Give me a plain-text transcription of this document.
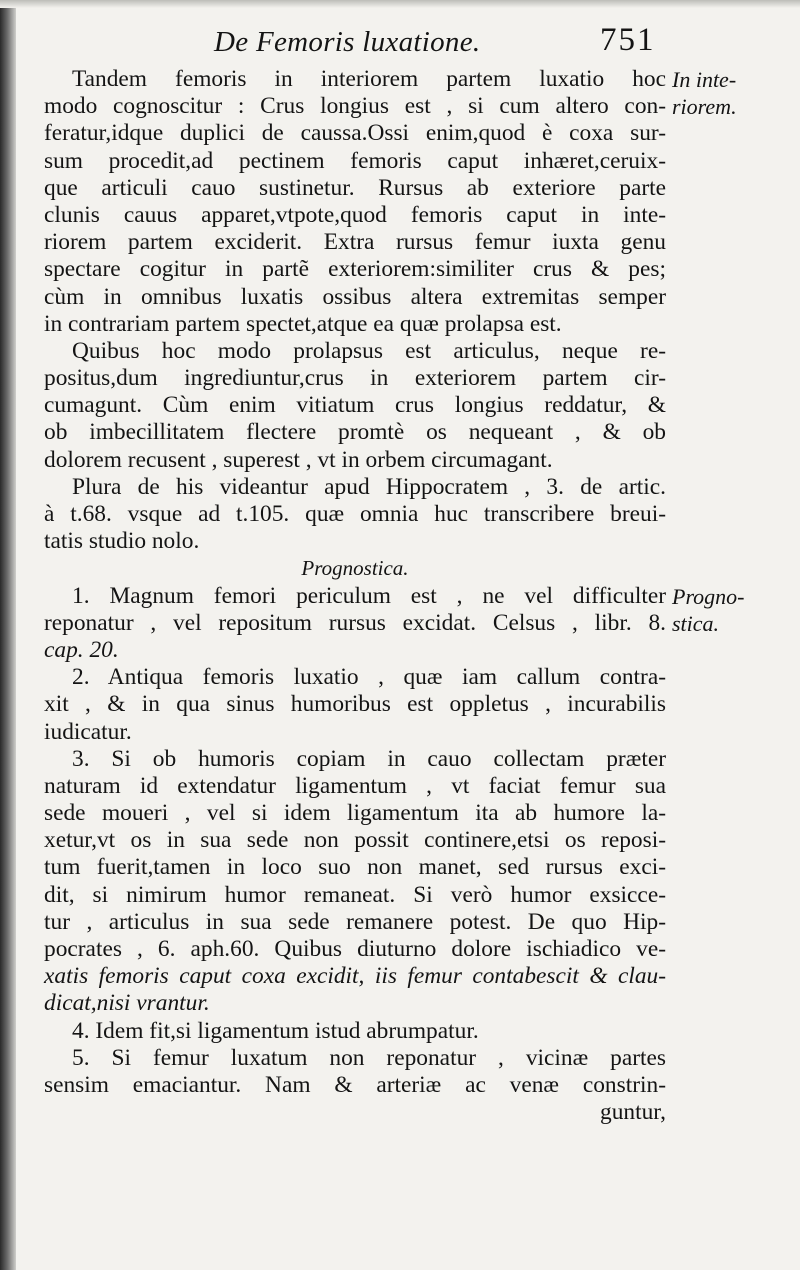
De Femoris luxatione.	751
Tandem femoris in interiorem partem luxatio hoc
modo cognoscitur : Crus longius est , si cum altero con-
feratur,idque duplici de caussa.Ossi enim,quod è coxa sur-
sum procedit,ad pectinem femoris caput inhæret,ceruix-
que articuli cauo sustinetur. Rursus ab exteriore parte
clunis cauus apparet,vtpote,quod femoris caput in inte-
riorem partem exciderit. Extra rursus femur iuxta genu
spectare cogitur in partẽ exteriorem:similiter crus & pes;
cùm in omnibus luxatis ossibus altera extremitas semper
in contrariam partem spectet,atque ea quæ prolapsa est.
Quibus hoc modo prolapsus est articulus, neque re-
positus,dum ingrediuntur,crus in exteriorem partem cir-
cumagunt. Cùm enim vitiatum crus longius reddatur, &
ob imbecillitatem flectere promtè os nequeant , & ob
dolorem recusent , superest , vt in orbem circumagant.
Plura de his videantur apud Hippocratem , 3. de artic.
à t.68. vsque ad t.105. quæ omnia huc transcribere breui-
tatis studio nolo.
Prognostica.
1. Magnum femori periculum est , ne vel difficulter
reponatur , vel repositum rursus excidat. Celsus , libr. 8.
cap. 20.
2. Antiqua femoris luxatio , quæ iam callum contra-
xit , & in qua sinus humoribus est oppletus , incurabilis
iudicatur.
3. Si ob humoris copiam in cauo collectam præter
naturam id extendatur ligamentum , vt faciat femur sua
sede moueri , vel si idem ligamentum ita ab humore la-
xetur,vt os in sua sede non possit continere,etsi os reposi-
tum fuerit,tamen in loco suo non manet, sed rursus exci-
dit, si nimirum humor remaneat. Si verò humor exsicce-
tur , articulus in sua sede remanere potest. De quo Hip-
pocrates , 6. aph.60. Quibus diuturno dolore ischiadico ve-
xatis femoris caput coxa excidit, iis femur contabescit & clau-
dicat,nisi vrantur.
4. Idem fit,si ligamentum istud abrumpatur.
5. Si femur luxatum non reponatur , vicinæ partes
sensim emaciantur. Nam & arteriæ ac venæ constrin-
guntur,
In inte-
riorem.
Progno-
stica.
